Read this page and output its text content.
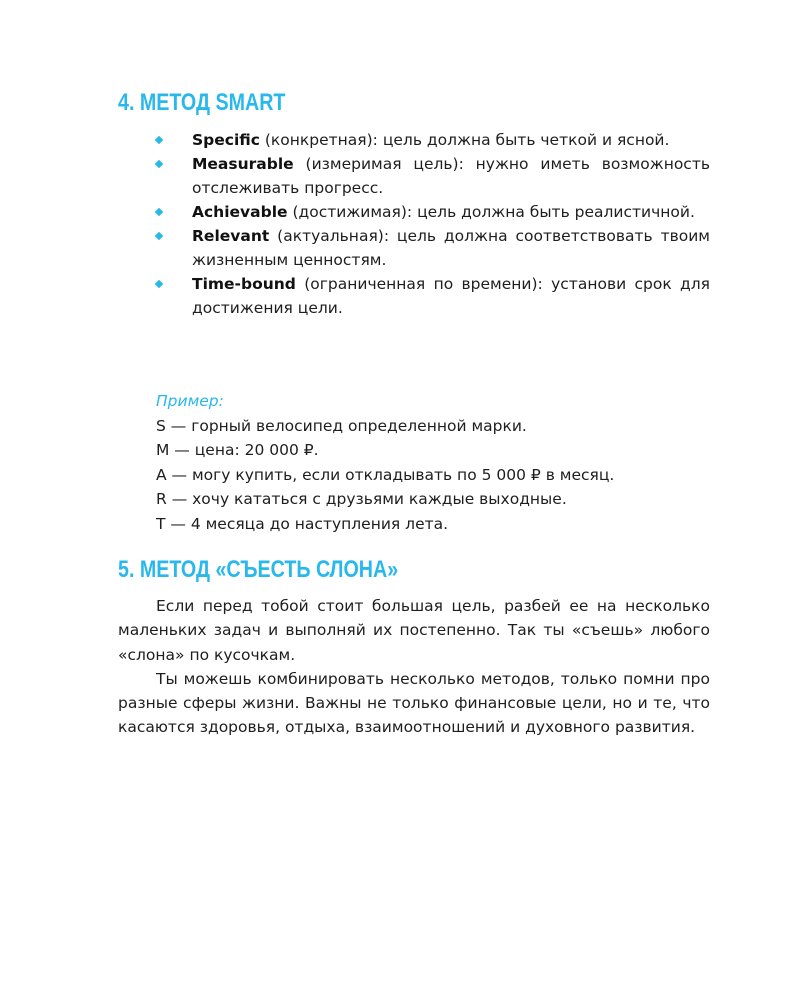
4. МЕТОД SMART
Specific (конкретная): цель должна быть четкой и ясной.
Measurable (измеримая цель): нужно иметь возможность отслеживать прогресс.
Achievable (достижимая): цель должна быть реалистичной.
Relevant (актуальная): цель должна соответствовать твоим жизненным ценностям.
Time-bound (ограниченная по времени): установи срок для достижения цели.
Пример:
S — горный велосипед определенной марки.
M — цена: 20 000 ₽.
A — могу купить, если откладывать по 5 000 ₽ в месяц.
R — хочу кататься с друзьями каждые выходные.
T — 4 месяца до наступления лета.
5. МЕТОД «СЪЕСТЬ СЛОНА»

Если перед тобой стоит большая цель, разбей ее на несколько маленьких задач и выполняй их постепенно. Так ты «съешь» любого «слона» по кусочкам.

Ты можешь комбинировать несколько методов, только помни про разные сферы жизни. Важны не только финансовые цели, но и те, что касаются здоровья, отдыха, взаимоотношений и духовного развития.
